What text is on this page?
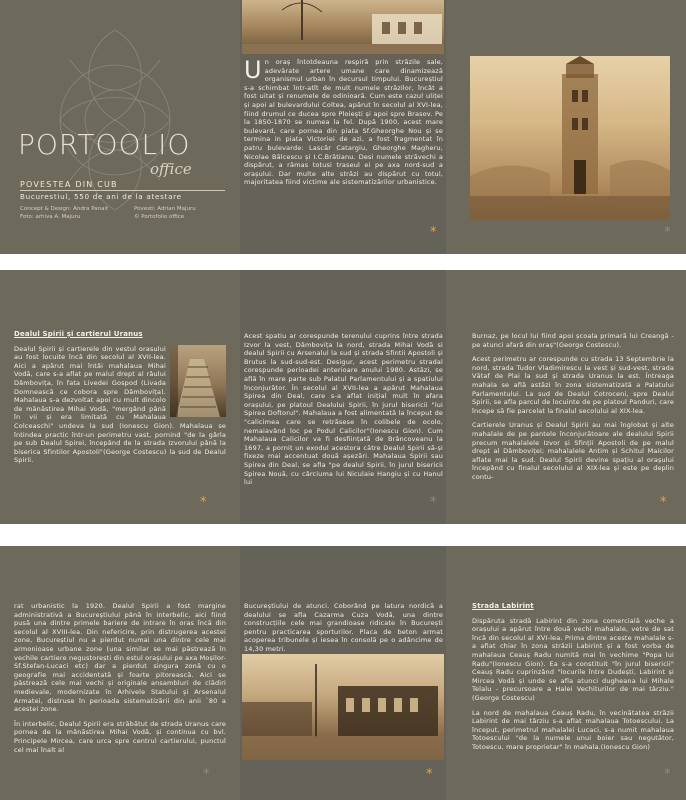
PORTOOLIO
office
POVESTEA DIN CUB
Bucurestiul, 550 de ani de la atestare
Concept & Design: Andra Panait
Foto: arhiva A. Majuru
Povesti: Adrian Majuru
© Portofolio office
U n oraș întotdeauna respiră prin străzile sale, adevărate artere umane care dinamizează organismul urban în decursul timpului. Bucureștiul s-a schimbat într-atît de mult numele străzilor, încât a fost uitat și renumele de odinioară. Cum este cazul uliței și apoi al bulevardului Coltea, apărut în secolul al XVI-lea, fiind drumul ce ducea spre Ploiești și apoi spre Brasov. Pe la 1850-1870 se numea la fel. După 1900, acest mare bulevard, care pornea din piata Sf.Gheorghe Nou și se termina in piata Victoriei de azi, a fost fragmentat în patru bulevarde: Lascăr Catargiu, Gheorghe Magheru, Nicolae Bălcescu și I.C.Brătianu. Desi numele străvechi a dispărut, a rămas totusi traseul ei pe axa nord-sud a orașului. Dar multe alte străzi au dispărut cu totul, majoritatea fiind victime ale sistematizărilor urbanistice.
*	*
Dealul Spirii și cartierul Uranus
Dealul Spirii și cartierele din vestul orasului au fost locuite încă din secolul al XVII-lea. Aici a apărut mai întâi mahalaua Mihai Vodă, care s-a aflat pe malul drept al râului Dâmbovița, în fata Livedei Gospod (Livada Domnească ce cobora spre Dâmbovița). Mahalaua s-a dezvoltat apoi cu mult dincolo de mănăstirea Mihai Vodă, "mergând până în vii și era limitată cu Mahalaua Colceaschi" undeva la sud (Ionescu Gion). Mahalaua se întindea practic într-un perimetru vast, pornind "de la gârla pe sub Dealul Spirei, începând de la strada Izvorului până la biserica Sfintilor Apostoli"(George Costescu) la sud de Dealul Spirii.
*
Acest spatiu ar corespunde terenului cuprins între strada Izvor la vest, Dâmbovița la nord, strada Mihai Vodă si dealul Spirii cu Arsenalul la sud și strada Sfintii Apostoli și Brutus la sud-sud-est. Desigur, acest perimetru stradal corespunde perioadei anterioare anului 1980. Astăzi, se află în mare parte sub Palatul Parlamentului și a spatiului înconjurător. În secolul al XVII-lea a apărut Mahalaua Spirea din Deal, care s-a aflat inițial mult în afara orașului, pe platoul Dealului Spirii, în jurul bisericii "lui Spirea Doftorul". Mahalaua a fost alimentată la început de "calicimea care se retrăsese în colibele de ocolo, nemaiavând loc pe Podul Calicilor"(Ionescu Gion). Cum Mahalaua Calicilor va fi desființată de Brâncoveanu la 1697, a pornit un exodul acestora către Dealul Spirii să-și fixeze mai accentuat două așezări. Mahalaua Spirii sau Spirea din Deal, se afla "pe dealul Spirii, în jurul bisericii Spirea Nouă, cu cârciuma lui Niculaie Hangiu și cu Hanul lui
*
Burnaz, pe locul lui fiind apoi școala primară lui Creangă - pe atunci afară din oraș"(George Costescu).
Acest perimetru ar corespunde cu strada 13 Septembrie la nord, strada Tudor Vladimirescu la vest și sud-vest, strada Vătaf de Plai la sud și strada Uranus la est. Întreaga mahala se află astăzi în zona sistematizată a Palatului Parlamentului. La sud de Dealul Cotroceni, spre Dealul Spirii, se afla parcul de locuinte de pe platoul Panduri, care începe să fie parcelat la finalul secolului al XIX-lea.
Cartierele Uranus și Dealul Spirii au mai înglobat și alte mahalale de pe pantele înconjurătoare ale dealului Spirii precum mahalalele Izvor și Sfinții Apostoli de pe malul drept al Dâmboviței; mahalalele Antim și Schitul Maicilor aflate mai la sud. Dealul Spirii devine spațiu al orașului începând cu finalul secolului al XIX-lea și este pe deplin contu-
*
rat urbanistic la 1920. Dealul Spirii a fost margine administrativă a Bucureștiului până în interbelic, aici fiind pusă una dintre primele bariere de intrare în oras încă din secolul al XVIII-lea. Din nefericire, prin distrugerea acestei zone, Bucureștiul nu a pierdut numai una dintre cele mai armonioase urbane zone (una similar se mai păstrează în vechile cartiere negustorești din estul orașului pe axa Moșilor-Sf.Stefan-Lucaci etc) dar a pierdut singura zonă cu o geografie mai accidentată și foarte pitorească. Aici se păstrează cele mai vechi și originale ansambluri de clădiri medievale, modernizate în Arhivele Statului și Arsenalul Armatei, distruse în perioada sistematizării din anii `80 a acestei zone.
În interbelic, Dealul Spirii era străbătut de strada Uranus care pornea de la mânăstirea Mihai Vodă, și continua cu bvl. Principele Mircea, care urca spre centrul cartierului, punctul cel mai înalt al
*
Bucureștiului de atunci. Coborând pe latura nordică a dealului se afla Cazarma Cuza Vodă, una dintre construcțiile cele mai grandioase ridicate în București pentru practicarea sporturilor. Placa de beton armat acoperea tribunele și iesea în consolă pe o adâncime de 14,30 metri.
*
Strada Labirint
Dispăruta stradă Labirint din zona comercială veche a orașului a apărut între două vechi mahalale, vetre de sat încă din secolul al XVI-lea. Prima dintre aceste mahalale s-a aflat chiar în zona străzii Labirint și a fost vorba de mahalaua Ceauș Radu numită mai în vechime "Popa lui Radu"(Ionescu Gion). Ea s-a constituit "în jurul bisericii" Ceauș Radu cuprinzând "locurile între Dudești, Labirint și Mircea Vodă și unde se afla atunci dugheana lui Mihale Telalu - precursoare a Halei Vechiturilor de mai târziu."(George Costescu)
La nord de mahalaua Ceauș Radu, în vecinătatea străzii Labirint de mai târziu s-a aflat mahalaua Totoescului. La început, perimetrul mahalalei Lucaci, s-a numit mahalaua Totoescului "de la numele unui boier sau negutător, Totoescu, mare proprietar" în mahala.(Ionescu Gion)
*
